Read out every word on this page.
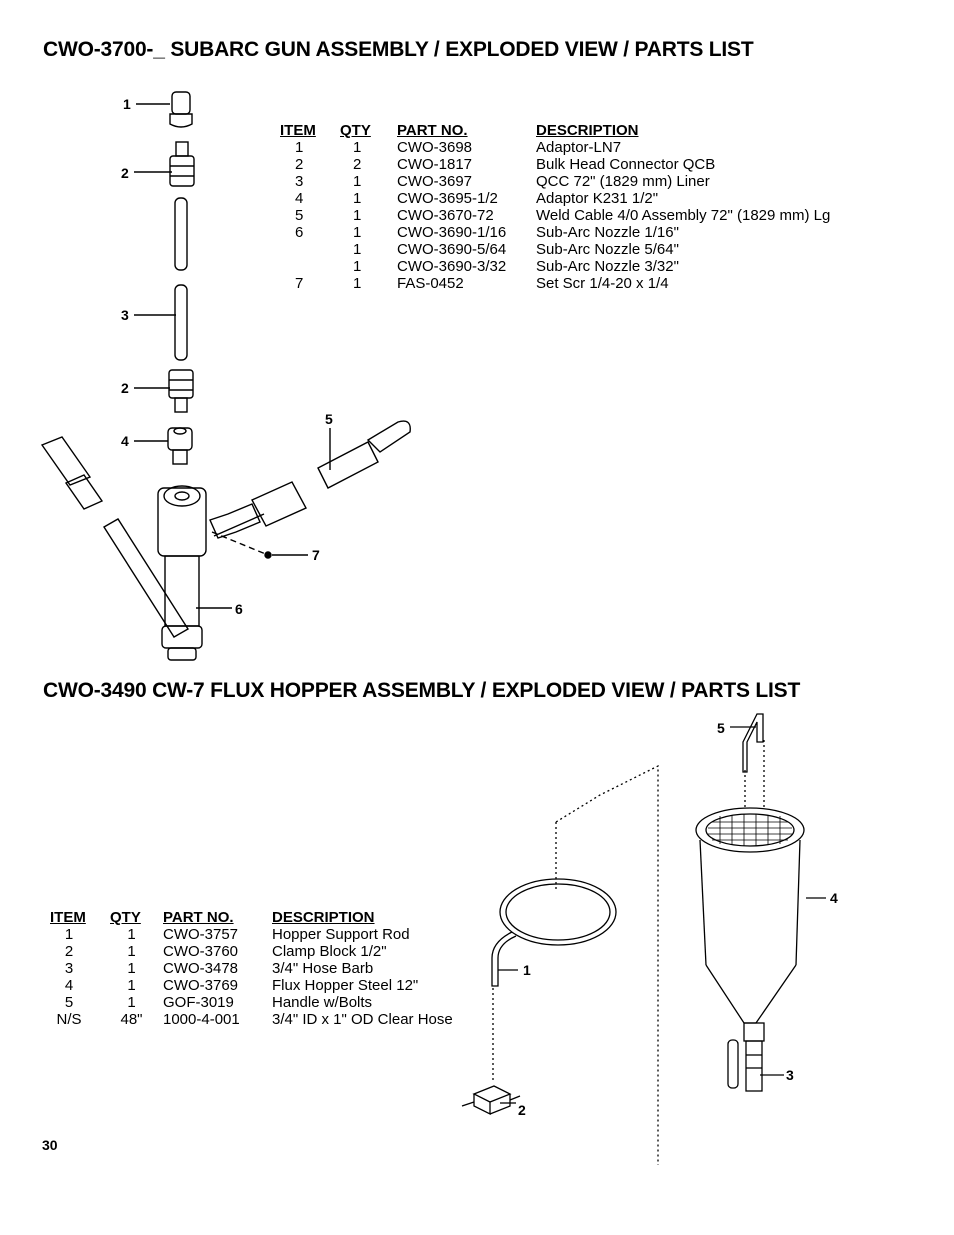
CWO-3700-_ SUBARC GUN ASSEMBLY / EXPLODED VIEW / PARTS LIST
CWO-3490 CW-7 FLUX HOPPER ASSEMBLY / EXPLODED VIEW / PARTS LIST
1
2
3
2
4
5
7
6
ITEM	QTY	PART NO.	DESCRIPTION
1	1	CWO-3698	Adaptor-LN7
2	2	CWO-1817	Bulk Head Connector QCB
3	1	CWO-3697	QCC 72" (1829 mm) Liner
4	1	CWO-3695-1/2	Adaptor K231 1/2"
5	1	CWO-3670-72	Weld Cable 4/0 Assembly 72" (1829 mm) Lg
6	1	CWO-3690-1/16	Sub-Arc Nozzle 1/16"
	1	CWO-3690-5/64	Sub-Arc Nozzle 5/64"
	1	CWO-3690-3/32	Sub-Arc Nozzle 3/32"
7	1	FAS-0452	Set Scr 1/4-20 x 1/4
5
4
1
3
2
ITEM	QTY	PART NO.	DESCRIPTION
1	1	CWO-3757	Hopper Support Rod
2	1	CWO-3760	Clamp Block 1/2"
3	1	CWO-3478	3/4" Hose Barb
4	1	CWO-3769	Flux Hopper Steel 12"
5	1	GOF-3019	Handle w/Bolts
N/S	48"	1000-4-001	3/4" ID x 1" OD Clear Hose
30
